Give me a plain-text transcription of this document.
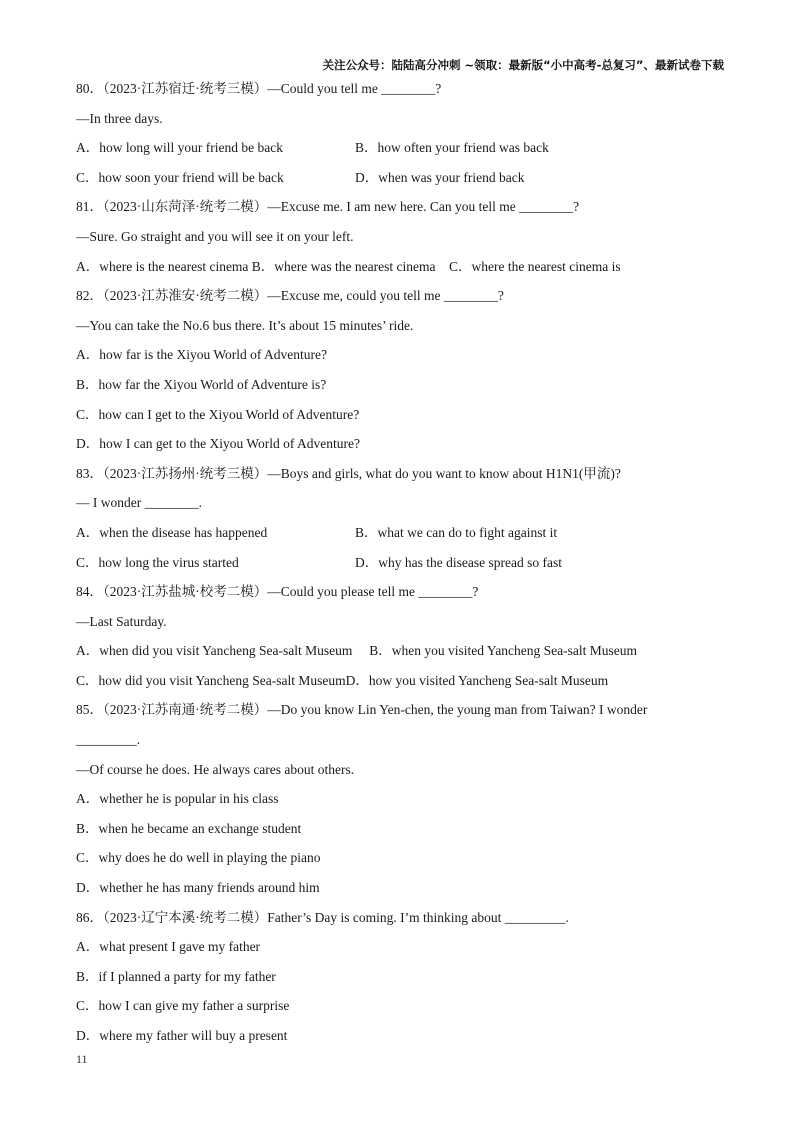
关注公众号：陆陆高分冲刺 ~领取：最新版“小中高考-总复习”、最新试卷下载
80．（2023·江苏宿迁·统考三模）—Could you tell me ________?
—In three days.
A．how long will your friend be back	B．how often your friend was back
C．how soon your friend will be back	D．when was your friend back
81．（2023·山东菏泽·统考二模）—Excuse me. I am new here. Can you tell me ________?
—Sure. Go straight and you will see it on your left.
A．where is the nearest cinema B．where was the nearest cinema    C．where the nearest cinema is
82．（2023·江苏淮安·统考二模）—Excuse me, could you tell me ________?
—You can take the No.6 bus there. It’s about 15 minutes’ ride.
A．how far is the Xiyou World of Adventure?
B．how far the Xiyou World of Adventure is?
C．how can I get to the Xiyou World of Adventure?
D．how I can get to the Xiyou World of Adventure?
83．（2023·江苏扬州·统考三模）—Boys and girls, what do you want to know about H1N1(甲流)?
— I wonder ________.
A．when the disease has happened	B．what we can do to fight against it
C．how long the virus started	D．why has the disease spread so fast
84．（2023·江苏盐城·校考二模）—Could you please tell me ________?
—Last Saturday.
A．when did you visit Yancheng Sea-salt Museum     B．when you visited Yancheng Sea-salt Museum
C．how did you visit Yancheng Sea-salt MuseumD．how you visited Yancheng Sea-salt Museum
85．（2023·江苏南通·统考二模）—Do you know Lin Yen-chen, the young man from Taiwan? I wonder
_________.
—Of course he does. He always cares about others.
A．whether he is popular in his class
B．when he became an exchange student
C．why does he do well in playing the piano
D．whether he has many friends around him
86．（2023·辽宁本溪·统考二模）Father’s Day is coming. I’m thinking about _________.
A．what present I gave my father
B．if I planned a party for my father
C．how I can give my father a surprise
D．where my father will buy a present
11
